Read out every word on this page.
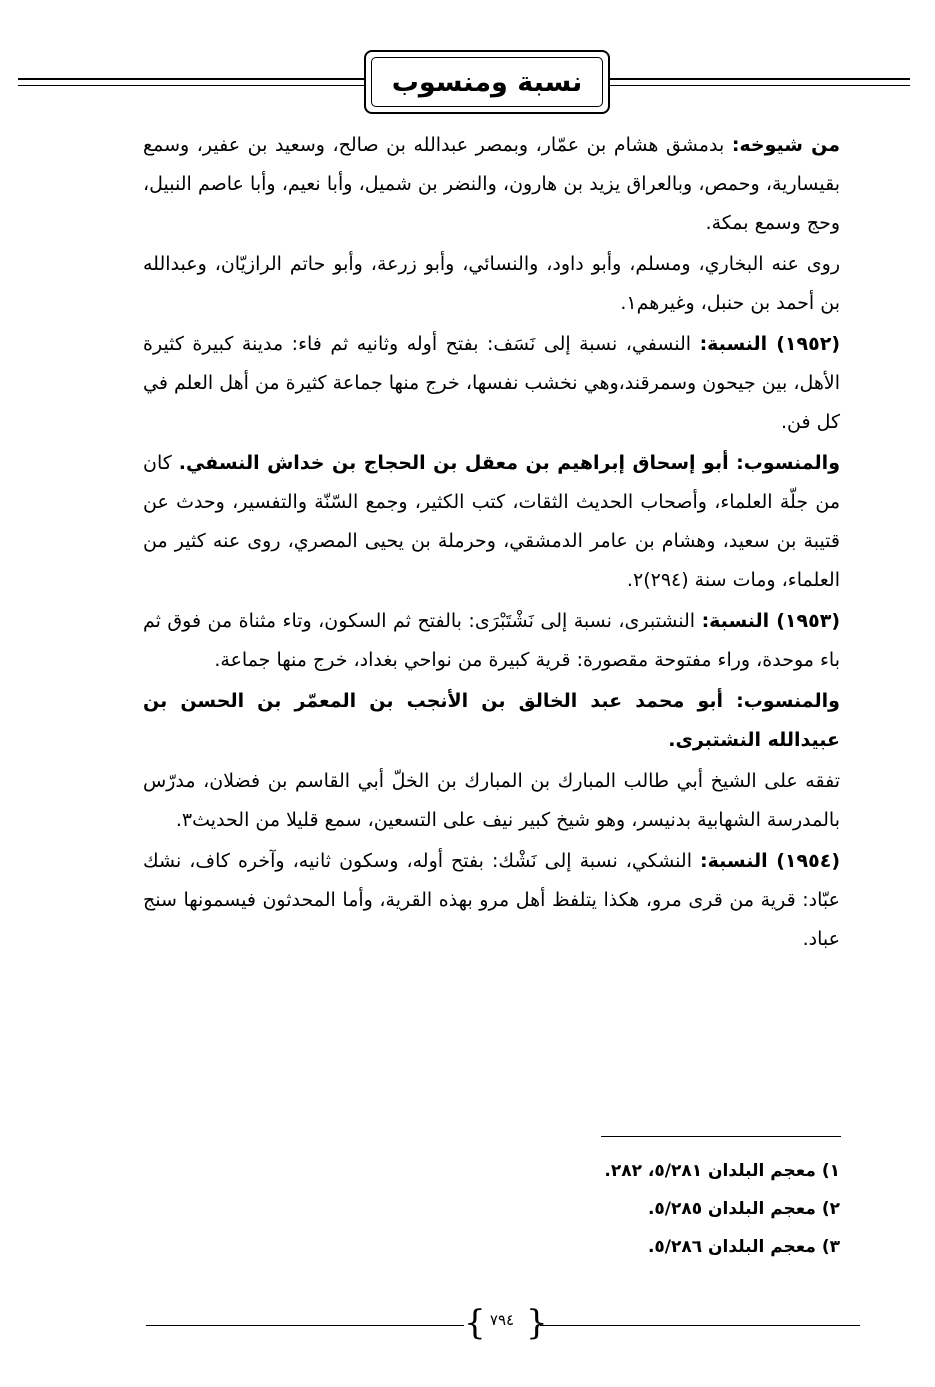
نسبة ومنسوب

من شيوخه: بدمشق هشام بن عمّار، وبمصر عبدالله بن صالح، وسعيد بن عفير، وسمع بقيسارية، وحمص، وبالعراق يزيد بن هارون، والنضر بن شميل، وأبا نعيم، وأبا عاصم النبيل، وحج وسمع بمكة.

روى عنه البخاري، ومسلم، وأبو داود، والنسائي، وأبو زرعة، وأبو حاتم الرازيّان، وعبدالله بن أحمد بن حنبل، وغيرهم١.

(١٩٥٢) النسبة: النسفي، نسبة إلى نَسَف: بفتح أوله وثانيه ثم فاء: مدينة كبيرة كثيرة الأهل، بين جيحون وسمرقند،وهي نخشب نفسها، خرج منها جماعة كثيرة من أهل العلم في كل فن.

والمنسوب: أبو إسحاق إبراهيم بن معقل بن الحجاج بن خداش النسفي. كان من جلّة العلماء، وأصحاب الحديث الثقات، كتب الكثير، وجمع السّنّة والتفسير، وحدث عن قتيبة بن سعيد، وهشام بن عامر الدمشقي، وحرملة بن يحيى المصري، روى عنه كثير من العلماء، ومات سنة (٢٩٤)٢.

(١٩٥٣) النسبة: النشتبرى، نسبة إلى نَشْتَبْرَى: بالفتح ثم السكون، وتاء مثناة من فوق ثم باء موحدة، وراء مفتوحة مقصورة: قرية كبيرة من نواحي بغداد، خرج منها جماعة.

والمنسوب: أبو محمد عبد الخالق بن الأنجب بن المعمّر بن الحسن بن عبيدالله النشتبرى.

تفقه على الشيخ أبي طالب المبارك بن المبارك بن الخلّ أبي القاسم بن فضلان، مدرّس بالمدرسة الشهابية بدنيسر، وهو شيخ كبير نيف على التسعين، سمع قليلا من الحديث٣.

(١٩٥٤) النسبة: النشكي، نسبة إلى نَشْك: بفتح أوله، وسكون ثانيه، وآخره كاف، نشك عبّاد: قرية من قرى مرو، هكذا يتلفظ أهل مرو بهذه القرية، وأما المحدثون فيسمونها سنج عباد.

١) معجم البلدان ٥/٢٨١، ٢٨٢.
٢) معجم البلدان ٥/٢٨٥.
٣) معجم البلدان ٥/٢٨٦.
{ }
٧٩٤
